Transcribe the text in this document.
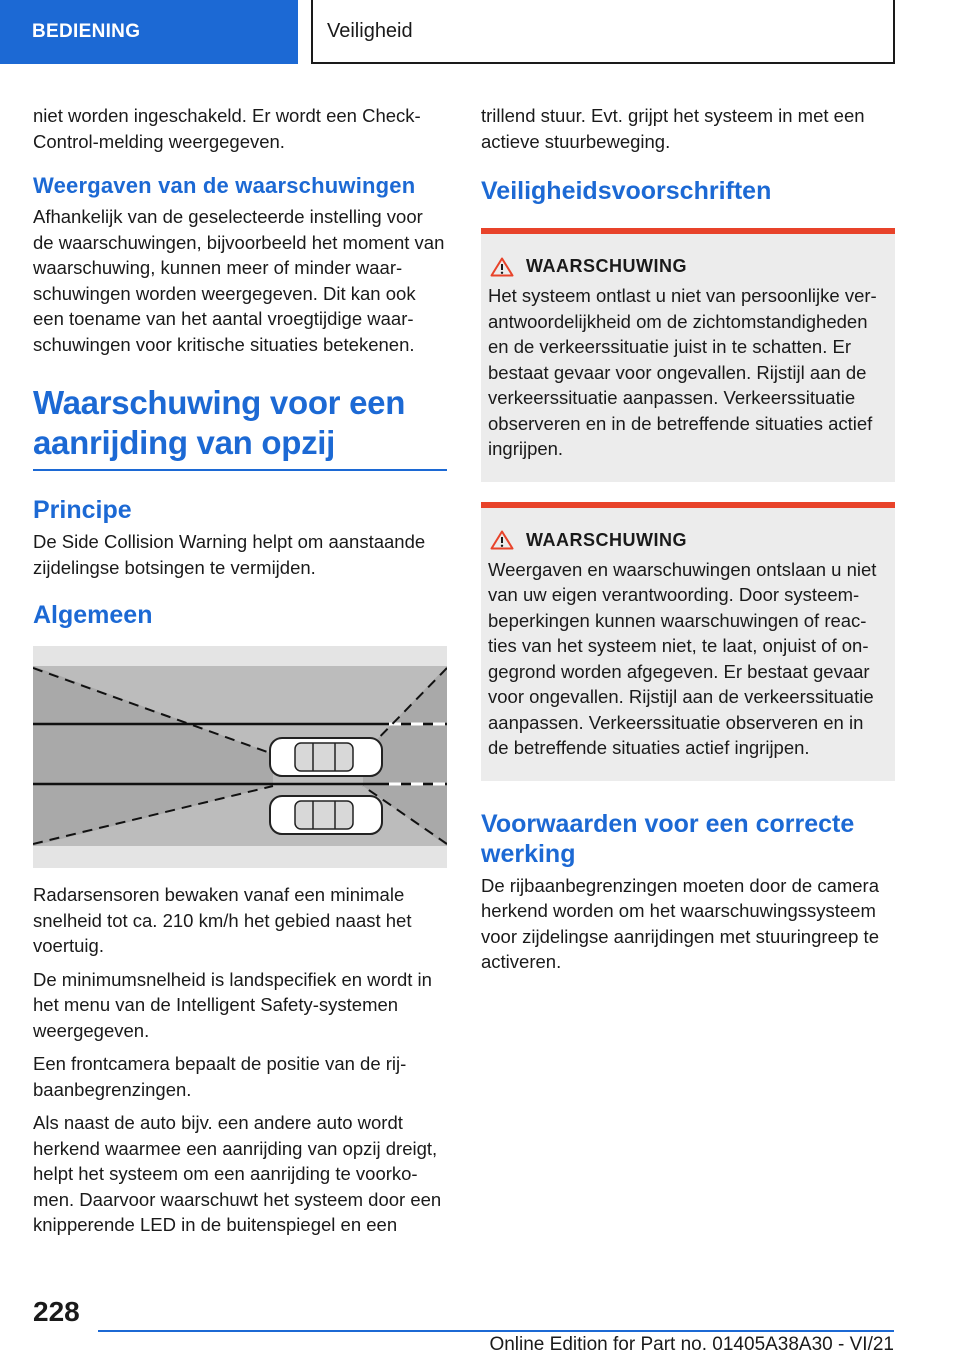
BEDIENING	Veiligheid

niet worden ingeschakeld. Er wordt een Check-Control-melding weergegeven.

Weergaven van de waarschuwingen

Afhankelijk van de geselecteerde instelling voor de waarschuwingen, bijvoorbeeld het moment van waarschuwing, kunnen meer of minder waar-schuwingen worden weergegeven. Dit kan ook een toename van het aantal vroegtijdige waar-schuwingen voor kritische situaties betekenen.

Waarschuwing voor een
aanrijding van opzij
Principe

De Side Collision Warning helpt om aanstaande zijdelingse botsingen te vermijden.

Algemeen

Radarsensoren bewaken vanaf een minimale snelheid tot ca. 210 km/h het gebied naast het voertuig.

De minimumsnelheid is landspecifiek en wordt in het menu van de Intelligent Safety-systemen weergegeven.

Een frontcamera bepaalt de positie van de rij-baanbegrenzingen.

Als naast de auto bijv. een andere auto wordt herkend waarmee een aanrijding van opzij dreigt, helpt het systeem om een aanrijding te voorko-men. Daarvoor waarschuwt het systeem door een knipperende LED in de buitenspiegel en een

trillend stuur. Evt. grijpt het systeem in met een actieve stuurbeweging.

Veiligheidsvoorschriften
WAARSCHUWING

Het systeem ontlast u niet van persoonlijke ver-antwoordelijkheid om de zichtomstandigheden en de verkeerssituatie juist in te schatten. Er bestaat gevaar voor ongevallen. Rijstijl aan de verkeerssituatie aanpassen. Verkeerssituatie observeren en in de betreffende situaties actief ingrijpen.

WAARSCHUWING

Weergaven en waarschuwingen ontslaan u niet van uw eigen verantwoording. Door systeem-beperkingen kunnen waarschuwingen of reac-ties van het systeem niet, te laat, onjuist of on-gegrond worden afgegeven. Er bestaat gevaar voor ongevallen. Rijstijl aan de verkeerssituatie aanpassen. Verkeerssituatie observeren en in de betreffende situaties actief ingrijpen.

Voorwaarden voor een correcte werking

De rijbaanbegrenzingen moeten door de camera herkend worden om het waarschuwingssysteem voor zijdelingse aanrijdingen met stuuringreep te activeren.

228
Online Edition for Part no. 01405A38A30 - VI/21
